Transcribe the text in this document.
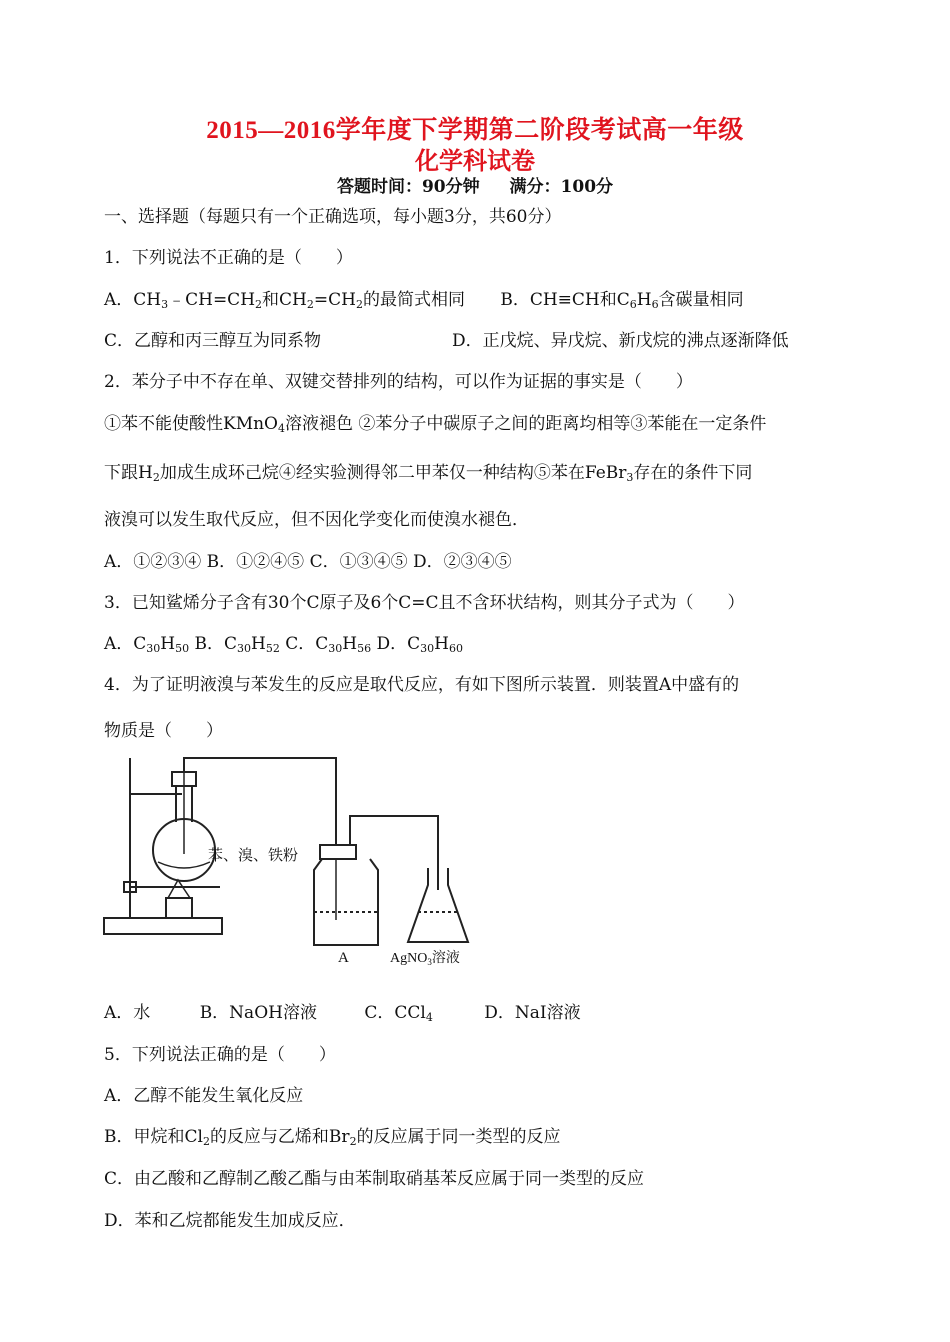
2015—2016学年度下学期第二阶段考试高一年级
化学科试卷
答题时间：90分钟 满分：100分
一、选择题（每题只有一个正确选项，每小题3分，共60分）
1．下列说法不正确的是（　　）
A．$CH_3﹣CH=CH_2$和$CH_2=CH_2$的最简式相同 B．CH≡CH和$C_6H_6$含碳量相同
C．乙醇和丙三醇互为同系物	D．正戊烷、异戊烷、新戊烷的沸点逐渐降低
2．苯分子中不存在单、双键交替排列的结构，可以作为证据的事实是（　　）
①苯不能使酸性KMnO$_4$溶液褪色 ②苯分子中碳原子之间的距离均相等③苯能在一定条件
下跟$H_2$加成生成环己烷④经实验测得邻二甲苯仅一种结构⑤苯在FeBr$_3$存在的条件下同
液溴可以发生取代反应，但不因化学变化而使溴水褪色．
A．①②③④ B．①②④⑤ C．①③④⑤ D．②③④⑤
3．已知鲨烯分子含有30个C原子及6个C=C且不含环状结构，则其分子式为（　　）
A．$C_{30}H_{50}$ B．$C_{30}H_{52}$ C．$C_{30}H_{56}$ D．$C_{30}H_{60}$
4．为了证明液溴与苯发生的反应是取代反应，有如下图所示装置．则装置A中盛有的
物质是（　　）
苯、溴、铁粉
A	AgNO$_3$溶液
A．水	B．NaOH溶液	C．CCl$_4$	D．NaI溶液
5．下列说法正确的是（　　）
A．乙醇不能发生氧化反应
B．甲烷和$Cl_2$的反应与乙烯和$Br_2$的反应属于同一类型的反应
C．由乙酸和乙醇制乙酸乙酯与由苯制取硝基苯反应属于同一类型的反应
D．苯和乙烷都能发生加成反应．
